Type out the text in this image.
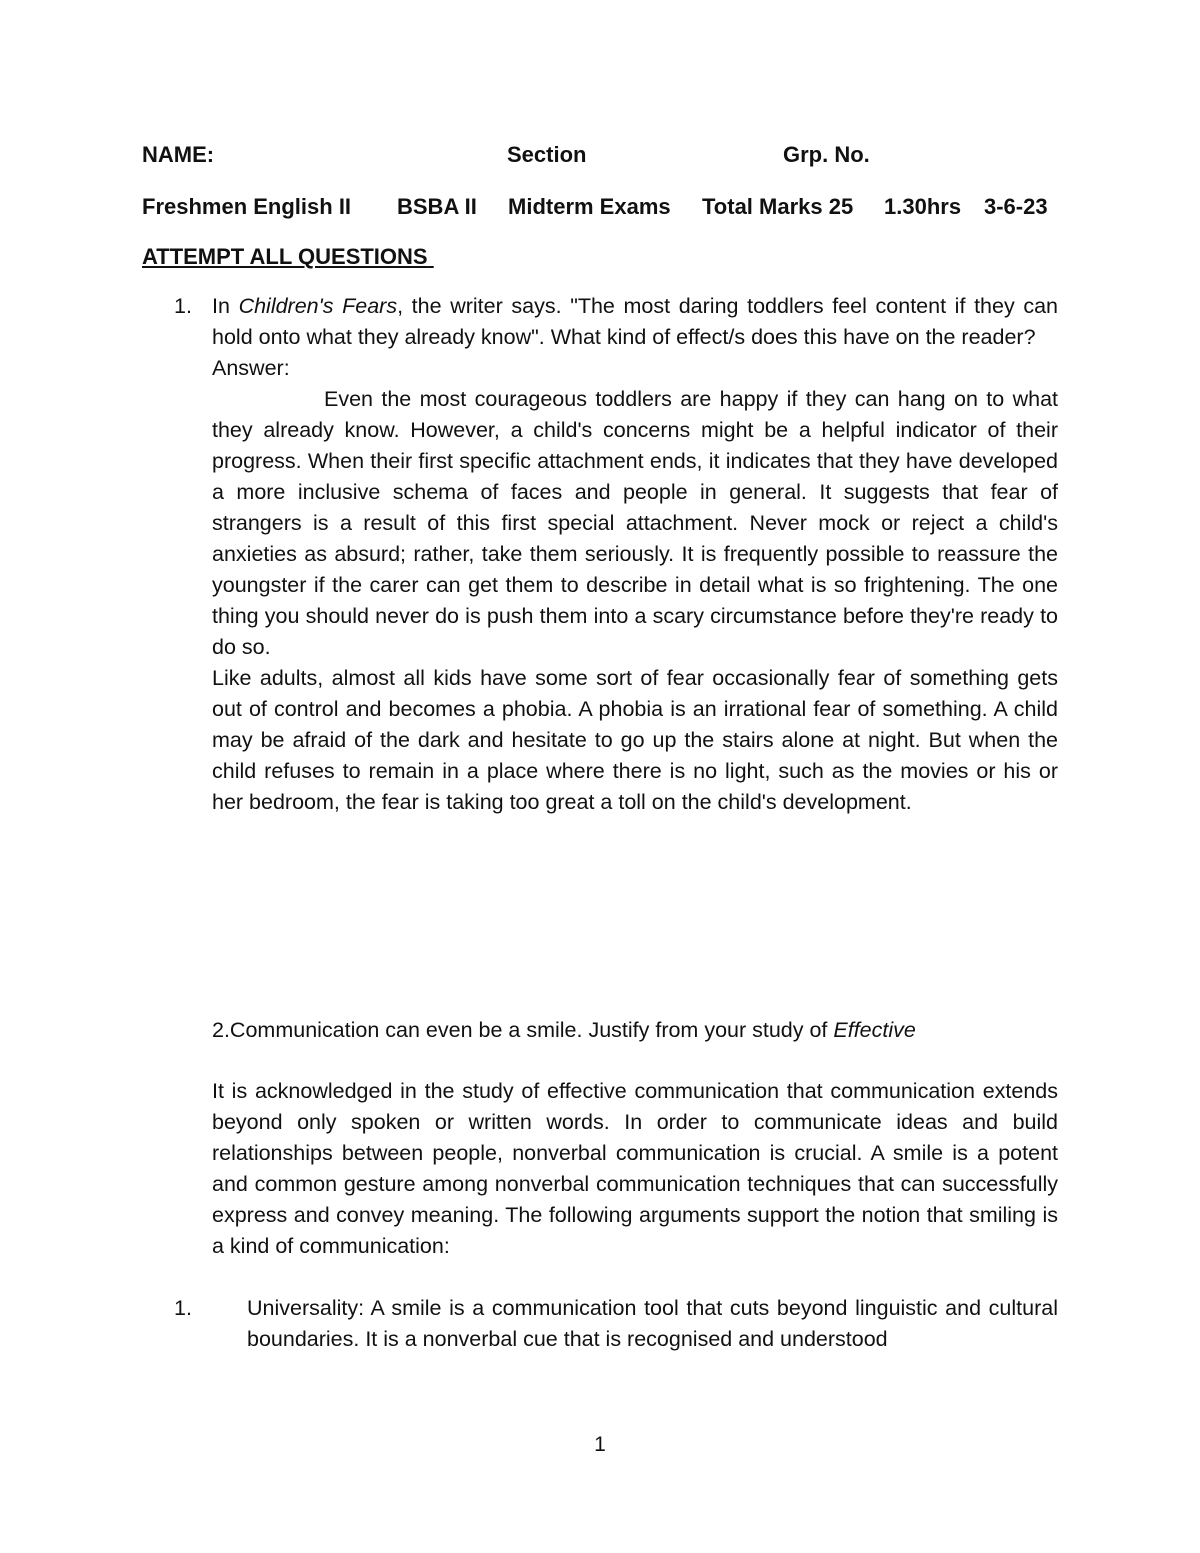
NAME:	Section	Grp. No.
Freshmen English II BSBA II Midterm Exams Total Marks 25 1.30hrs 3-6-23
ATTEMPT ALL QUESTIONS
1. In Children's Fears, the writer says. "The most daring toddlers feel content if they can hold onto what they already know". What kind of effect/s does this have on the reader?

Answer:

Even the most courageous toddlers are happy if they can hang on to what they already know. However, a child's concerns might be a helpful indicator of their progress. When their first specific attachment ends, it indicates that they have developed a more inclusive schema of faces and people in general. It suggests that fear of strangers is a result of this first special attachment. Never mock or reject a child's anxieties as absurd; rather, take them seriously. It is frequently possible to reassure the youngster if the carer can get them to describe in detail what is so frightening. The one thing you should never do is push them into a scary circumstance before they're ready to do so.

Like adults, almost all kids have some sort of fear occasionally fear of something gets out of control and becomes a phobia. A phobia is an irrational fear of something. A child may be afraid of the dark and hesitate to go up the stairs alone at night. But when the child refuses to remain in a place where there is no light, such as the movies or his or her bedroom, the fear is taking too great a toll on the child's development.

2.Communication can even be a smile. Justify from your study of Effective

It is acknowledged in the study of effective communication that communication extends beyond only spoken or written words. In order to communicate ideas and build relationships between people, nonverbal communication is crucial. A smile is a potent and common gesture among nonverbal communication techniques that can successfully express and convey meaning. The following arguments support the notion that smiling is a kind of communication:

1.	Universality: A smile is a communication tool that cuts beyond linguistic and cultural boundaries. It is a nonverbal cue that is recognised and understood

1
